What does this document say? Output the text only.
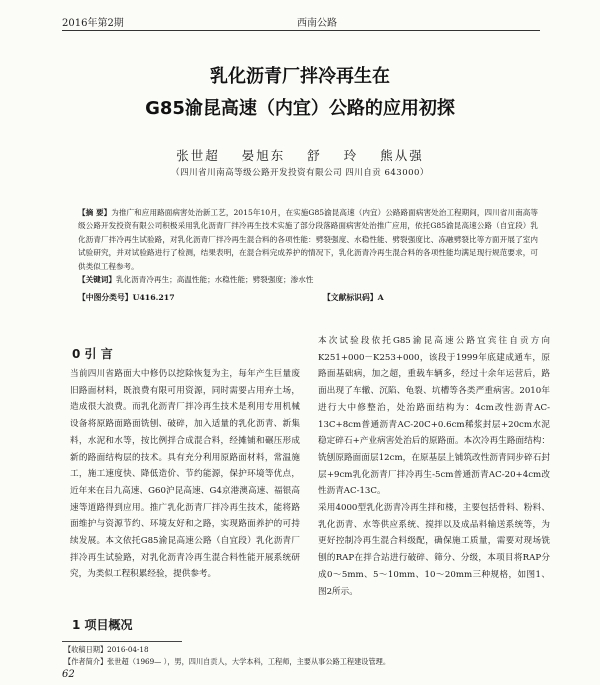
2016年第2期	西南公路
乳化沥青厂拌冷再生在
G85渝昆高速（内宜）公路的应用初探
张世超 晏旭东 舒 玲 熊从强
（四川省川南高等级公路开发投资有限公司 四川自贡 643000）
【摘 要】为推广和应用路面病害处治新工艺，2015年10月，在实施G85渝昆高速（内宜）公路路面病害处治工程期间，四川省川南高等级公路开发投资有限公司积极采用乳化沥青厂拌冷再生技术实施了部分段落路面病害处治推广应用，依托G85渝昆高速公路（自宜段）乳化沥青厂拌冷再生试验路，对乳化沥青厂拌冷再生混合料的各项性能：劈裂强度、水稳性能、劈裂强度比、冻融劈裂比等方面开展了室内试验研究，并对试验路进行了检测，结果表明，在混合料完成养护的情况下，乳化沥青冷再生混合料的各项性能均满足现行规范要求，可供类似工程参考。
【关键词】乳化沥青冷再生；高温性能；水稳性能；劈裂强度；渗水性
【中图分类号】U416.217	【文献标识码】A
0 引 言
当前四川省路面大中修仍以挖除恢复为主，每年产生巨量废旧路面材料，既浪费有限可用资源，同时需要占用弃土场，造成很大浪费。而乳化沥青厂拌冷再生技术是利用专用机械设备将原路面路面铣刨、破碎，加入适量的乳化沥青、新集料，水泥和水等，按比例拌合成混合料，经摊铺和碾压形成新的路面结构层的技术。具有充分利用原路面材料，常温施工，施工速度快、降低造价、节约能源，保护环境等优点，近年来在吕九高速、G60沪昆高速、G4京港澳高速、福银高速等道路得到应用。推广乳化沥青厂拌冷再生技术，能将路面维护与资源节约、环境友好和之路，实现路面养护的可持续发展。本文依托G85渝昆高速公路（自宜段）乳化沥青厂拌冷再生试验路，对乳化沥青冷再生混合料性能开展系统研究，为类似工程积累经验，提供参考。
1 项目概况
本次试验段依托G85渝昆高速公路宜宾往自贡方向K251+000－K253+000，该段于1999年底建成通车，原路面基础病，加之超，重载车辆多，经过十余年运营后，路面出现了车辙、沉陷、龟裂、坑槽等各类严重病害。2010年进行大中修整治，处治路面结构为：4cm改性沥青AC-13C+8cm普通沥青AC-20C+0.6cm稀浆封层+20cm水泥稳定碎石+产业病害处治后的原路面。本次冷再生路面结构：铣刨原路面面层12cm，在原基层上铺筑改性沥青同步碎石封层+9cm乳化沥青厂拌冷再生-5cm普通沥青AC-20+4cm改性沥青AC-13C。
采用4000型乳化沥青冷再生拌和楼，主要包括骨料、粉料、乳化沥青、水等供应系统、搅拌以及成品料输送系统等，为更好控制冷再生混合料级配，确保施工质量，需要对现场铣刨的RAP在拌合站进行破碎、筛分、分级，本项目将RAP分成0～5mm、5～10mm、10～20mm三种规格，如图1、图2所示。
【收稿日期】2016-04-18
【作者简介】张世超（1969— ），男，四川自贡人，大学本科，工程师，主要从事公路工程建设管理。
62
